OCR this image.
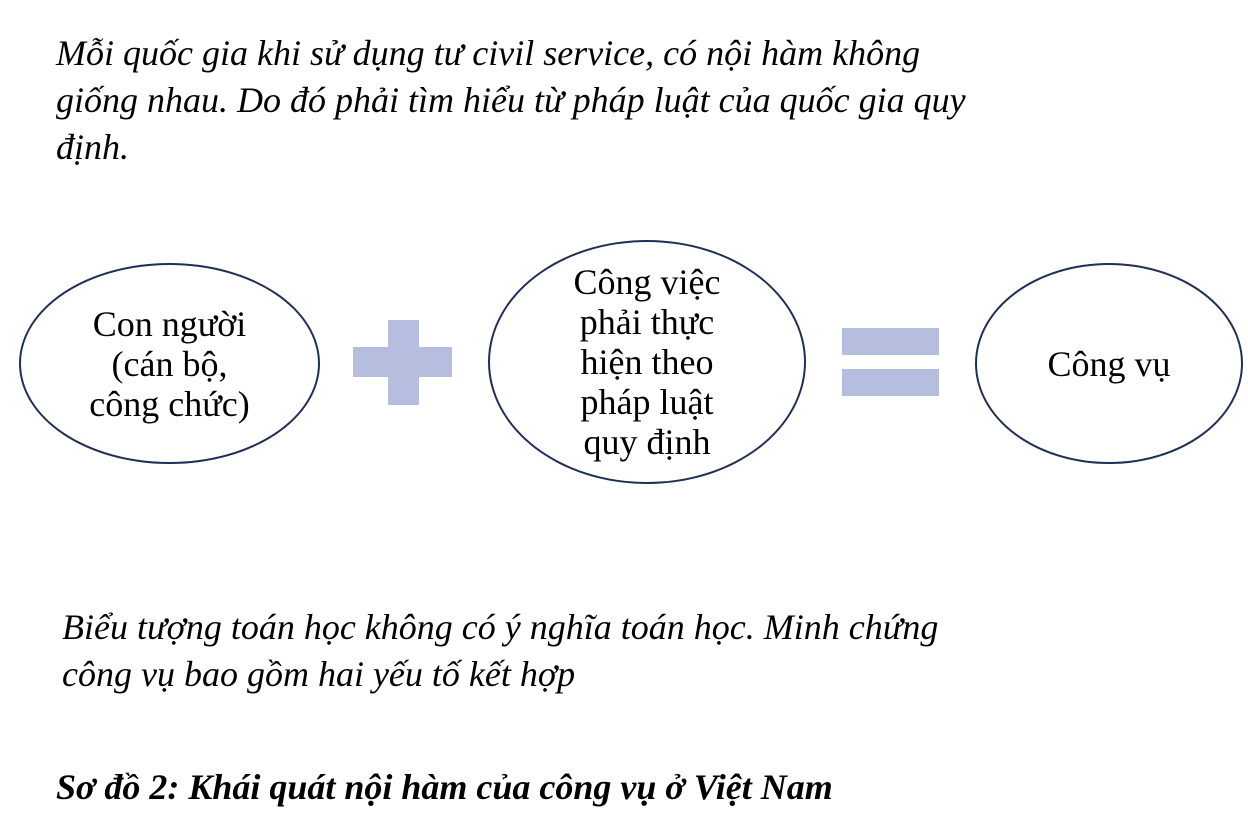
Mỗi quốc gia khi sử dụng tư civil service, có nội hàm không
giống nhau. Do đó phải tìm hiểu từ pháp luật của quốc gia quy
định.

Con người
(cán bộ,
công chức)
Công việc
phải thực
hiện theo
pháp luật
quy định
Công vụ

Biểu tượng toán học không có ý nghĩa toán học. Minh chứng
công vụ bao gồm hai yếu tố kết hợp

Sơ đồ 2: Khái quát nội hàm của công vụ ở Việt Nam
